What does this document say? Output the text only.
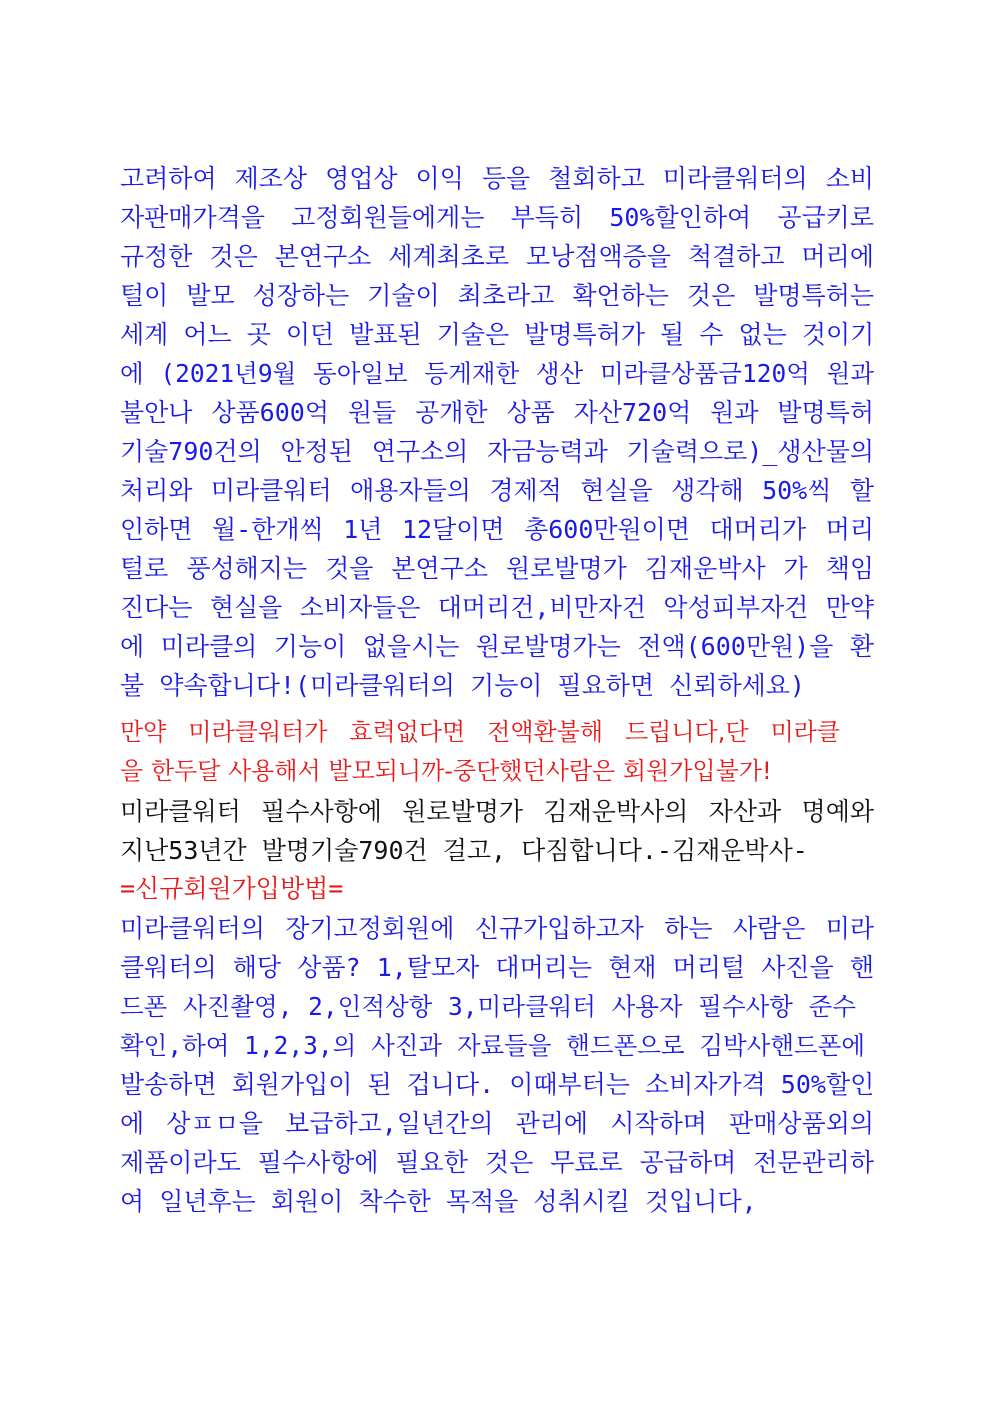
고려하여 제조상 영업상 이익 등을 철회하고 미라클워터의 소비
자판매가격을 고정회원들에게는 부득히 50%할인하여 공급키로
규정한 것은 본연구소 세계최초로 모낭점액증을 척결하고 머리에
털이 발모 성장하는 기술이 최초라고 확언하는 것은 발명특허는
세계 어느 곳 이던 발표된 기술은 발명특허가 될 수 없는 것이기
에 (2021년9월 동아일보 등게재한 생산 미라클상품금120억 원과
불안나 상품600억 원들 공개한 상품 자산720억 원과 발명특허
기술790건의 안정된 연구소의 자금능력과 기술력으로)_생산물의
처리와 미라클워터 애용자들의 경제적 현실을 생각해 50%씩 할
인하면 월-한개씩 1년 12달이면 총600만원이면 대머리가 머리
털로 풍성해지는 것을 본연구소 원로발명가 김재운박사 가 책임
진다는 현실을 소비자들은 대머리건,비만자건 악성피부자건 만약
에 미라클의 기능이 없을시는 원로발명가는 전액(600만원)을 환
불 약속합니다!(미라클워터의 기능이 필요하면 신뢰하세요)
만약 미라클워터가 효력없다면 전액환불해 드립니다,단 미라클
을 한두달 사용해서 발모되니까-중단했던사람은 회원가입불가!
미라클워터 필수사항에 원로발명가 김재운박사의 자산과 명예와
지난53년간 발명기술790건 걸고, 다짐합니다.-김재운박사-
=신규회원가입방법=
미라클워터의 장기고정회원에 신규가입하고자 하는 사람은 미라
클워터의 해당 상품? 1,탈모자 대머리는 현재 머리털 사진을 핸
드폰 사진촬영, 2,인적상항 3,미라클워터 사용자 필수사항 준수
확인,하여 1,2,3,의 사진과 자료들을 핸드폰으로 김박사핸드폰에
발송하면 회원가입이 된 겁니다. 이때부터는 소비자가격 50%할인
에 상ㅍㅁ을 보급하고,일년간의 관리에 시작하며 판매상품외의
제품이라도 필수사항에 필요한 것은 무료로 공급하며 전문관리하
여 일년후는 회원이 착수한 목적을 성취시킬 것입니다,
